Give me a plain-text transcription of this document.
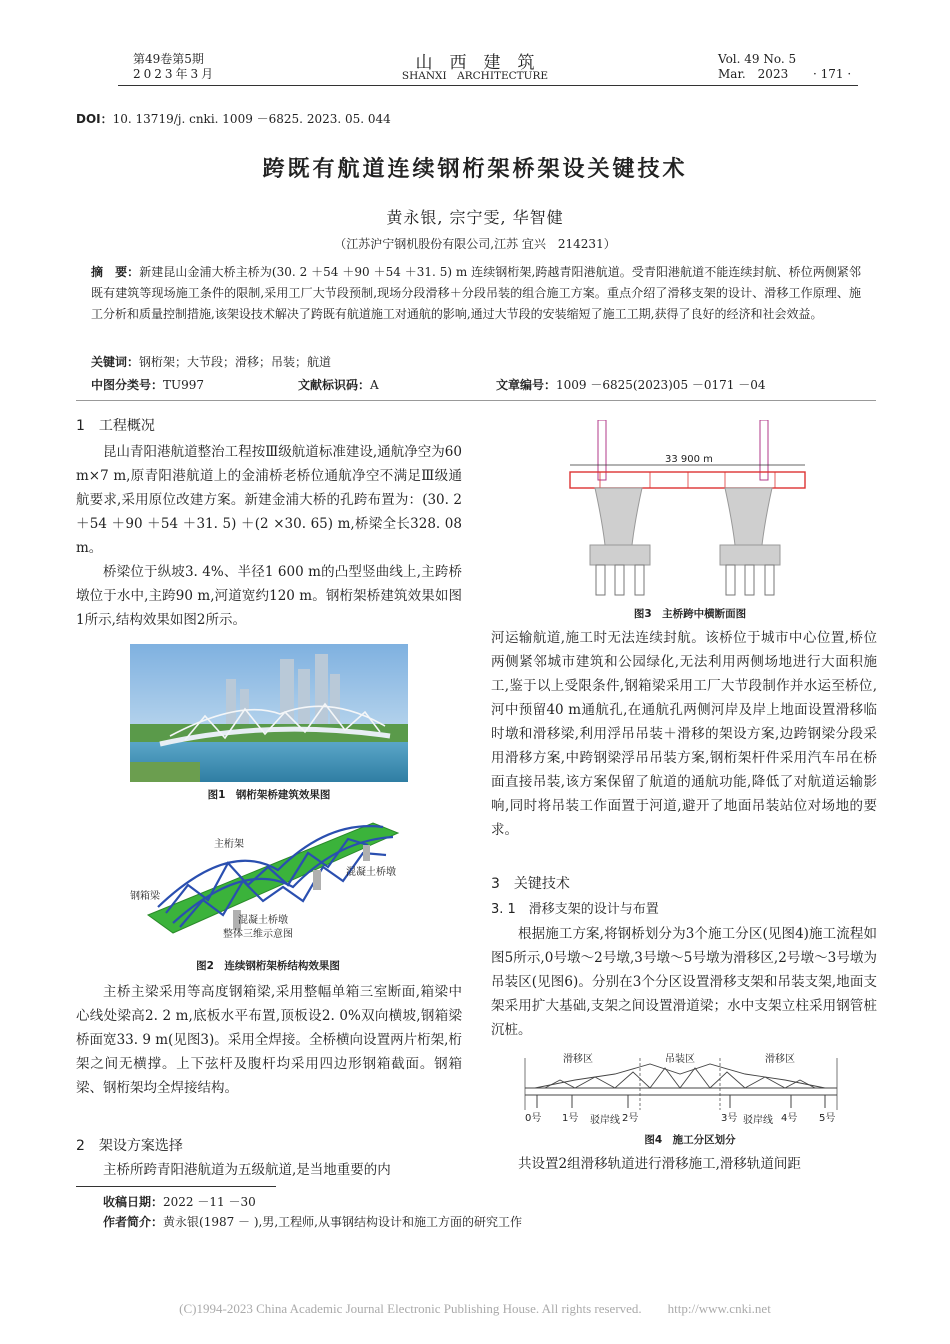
第49卷第5期
2023年3月
山　西　建　筑
SHANXI　ARCHITECTURE
Vol. 49 No. 5
Mar.　2023 · 171 ·
DOI：10. 13719/j. cnki. 1009 －6825. 2023. 05. 044
跨既有航道连续钢桁架桥架设关键技术
黄永银, 宗宁雯, 华智健
（江苏沪宁钢机股份有限公司,江苏 宜兴　214231）
摘　要：新建昆山金浦大桥主桥为(30. 2 ＋54 ＋90 ＋54 ＋31. 5) m 连续钢桁架,跨越青阳港航道。受青阳港航道不能连续封航、桥位两侧紧邻既有建筑等现场施工条件的限制,采用工厂大节段预制,现场分段滑移＋分段吊装的组合施工方案。重点介绍了滑移支架的设计、滑移工作原理、施工分析和质量控制措施,该架设技术解决了跨既有航道施工对通航的影响,通过大节段的安装缩短了施工工期,获得了良好的经济和社会效益。
关键词：钢桁架；大节段；滑移；吊装；航道
中图分类号：TU997	文献标识码：A	文章编号：1009 －6825(2023)05 －0171 －04
1　工程概况

昆山青阳港航道整治工程按Ⅲ级航道标准建设,通航净空为60 m×7 m,原青阳港航道上的金浦桥老桥位通航净空不满足Ⅲ级通航要求,采用原位改建方案。新建金浦大桥的孔跨布置为：(30. 2 ＋54 ＋90 ＋54 ＋31. 5) ＋(2 ×30. 65) m,桥梁全长328. 08 m。

桥梁位于纵坡3. 4%、半径1 600 m的凸型竖曲线上,主跨桥墩位于水中,主跨90 m,河道宽约120 m。钢桁架桥建筑效果如图1所示,结构效果如图2所示。

图1　钢桁架桥建筑效果图
主桁架
混凝土桥墩
钢箱梁
混凝土桥墩
整体三维示意图
图2　连续钢桁架桥结构效果图

主桥主梁采用等高度钢箱梁,采用整幅单箱三室断面,箱梁中心线处梁高2. 2 m,底板水平布置,顶板设2. 0%双向横坡,钢箱梁桥面宽33. 9 m(见图3)。采用全焊接。全桥横向设置两片桁架,桁架之间无横撑。上下弦杆及腹杆均采用四边形钢箱截面。钢箱梁、钢桁架均全焊接结构。

2　架设方案选择

主桥所跨青阳港航道为五级航道,是当地重要的内

33 900 m
图3　主桥跨中横断面图

河运输航道,施工时无法连续封航。该桥位于城市中心位置,桥位两侧紧邻城市建筑和公园绿化,无法利用两侧场地进行大面积施工,鉴于以上受限条件,钢箱梁采用工厂大节段制作并水运至桥位,河中预留40 m通航孔,在通航孔两侧河岸及岸上地面设置滑移临时墩和滑移梁,利用浮吊吊装＋滑移的架设方案,边跨钢梁分段采用滑移方案,中跨钢梁浮吊吊装方案,钢桁架杆件采用汽车吊在桥面直接吊装,该方案保留了航道的通航功能,降低了对航道运输影响,同时将吊装工作面置于河道,避开了地面吊装站位对场地的要求。

3　关键技术
3. 1　滑移支架的设计与布置

根据施工方案,将钢桥划分为3个施工分区(见图4)施工流程如图5所示,0号墩～2号墩,3号墩～5号墩为滑移区,2号墩～3号墩为吊装区(见图6)。分别在3个分区设置滑移支架和吊装支架,地面支架采用扩大基础,支架之间设置滑道梁；水中支架立柱采用钢管桩沉桩。

滑移区	吊装区	滑移区
0号 1号 驳岸线 2号	3号 驳岸线 4号 5号
图4　施工分区划分

共设置2组滑移轨道进行滑移施工,滑移轨道间距

收稿日期：2022 －11 －30
作者简介：黄永银(1987 － ),男,工程师,从事钢结构设计和施工方面的研究工作
(C)1994-2023 China Academic Journal Electronic Publishing House. All rights reserved.　　http://www.cnki.net
